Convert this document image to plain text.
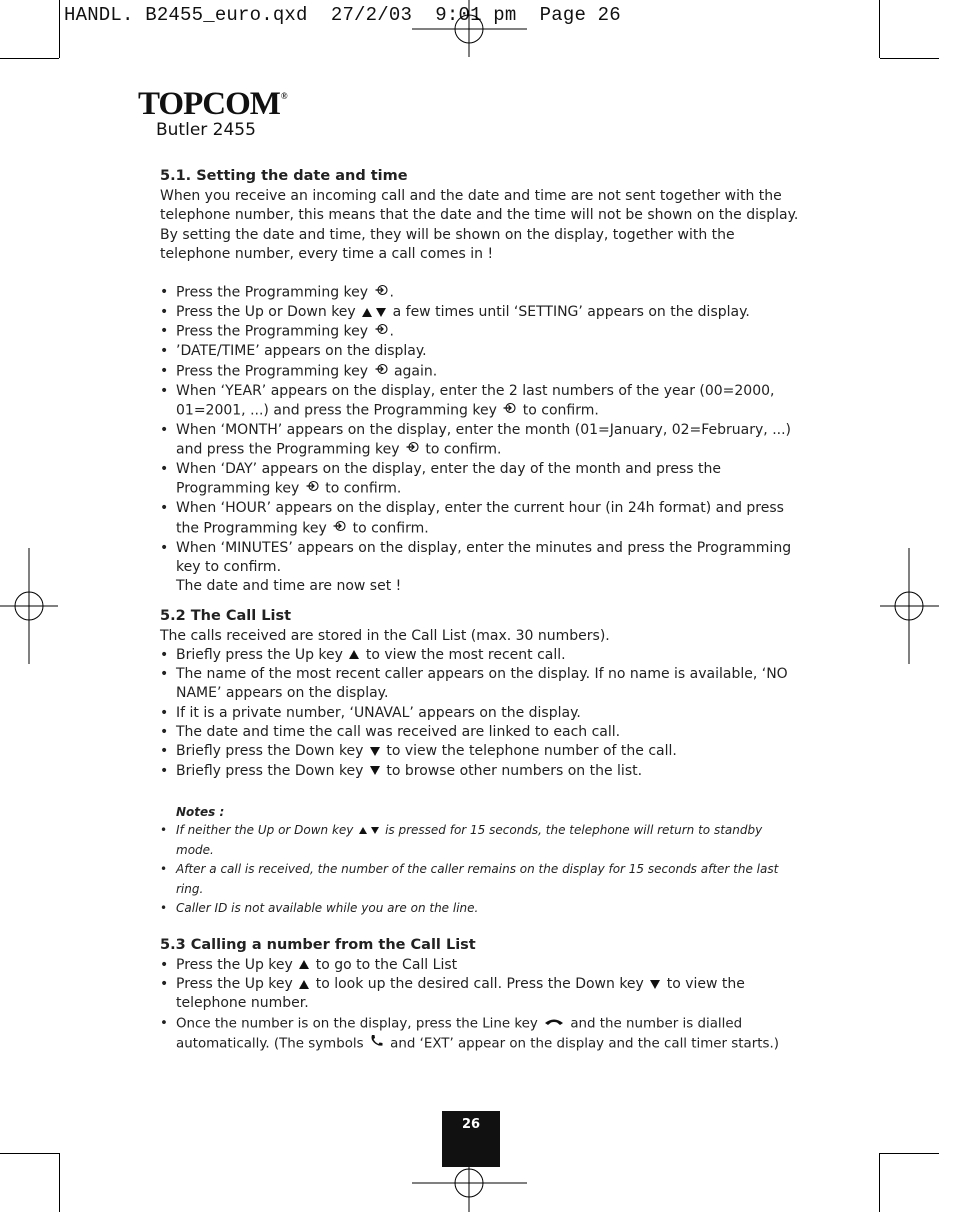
HANDL. B2455_euro.qxd  27/2/03  9:01 pm  Page 26
TOPCOM®
Butler 2455
5.1. Setting the date and time

When you receive an incoming call and the date and time are not sent together with the telephone number, this means that the date and the time will not be shown on the display. By setting the date and time, they will be shown on the display, together with the telephone number, every time a call comes in !

• Press the Programming key .
• Press the Up or Down key	a few times until ‘SETTING’ appears on the display.
• Press the Programming key .
• ’DATE/TIME’ appears on the display.
• Press the Programming key again.
• When ‘YEAR’ appears on the display, enter the 2 last numbers of the year (00=2000, 01=2001, ...) and press the Programming key to confirm.
• When ‘MONTH’ appears on the display, enter the month (01=January, 02=February, ...) and press the Programming key to confirm.
• When ‘DAY’ appears on the display, enter the day of the month and press the Programming key to confirm.
• When ‘HOUR’ appears on the display, enter the current hour (in 24h format) and press the Programming key to confirm.
• When ‘MINUTES’ appears on the display, enter the minutes and press the Programming key to confirm.
The date and time are now set !
5.2 The Call List

The calls received are stored in the Call List (max. 30 numbers).

• Briefly press the Up key to view the most recent call.
• The name of the most recent caller appears on the display. If no name is available, ‘NO NAME’ appears on the display.
• If it is a private number, ‘UNAVAL’ appears on the display.
• The date and time the call was received are linked to each call.
• Briefly press the Down key to view the telephone number of the call.
• Briefly press the Down key to browse other numbers on the list.
Notes :
• If neither the Up or Down key	is pressed for 15 seconds, the telephone will return to standby mode.
• After a call is received, the number of the caller remains on the display for 15 seconds after the last ring.
• Caller ID is not available while you are on the line.
5.3 Calling a number from the Call List
• Press the Up key to go to the Call List
• Press the Up key to look up the desired call. Press the Down key to view the telephone number.
• Once the number is on the display, press the Line key and the number is dialled automatically. (The symbols and ‘EXT’ appear on the display and the call timer starts.)
26
